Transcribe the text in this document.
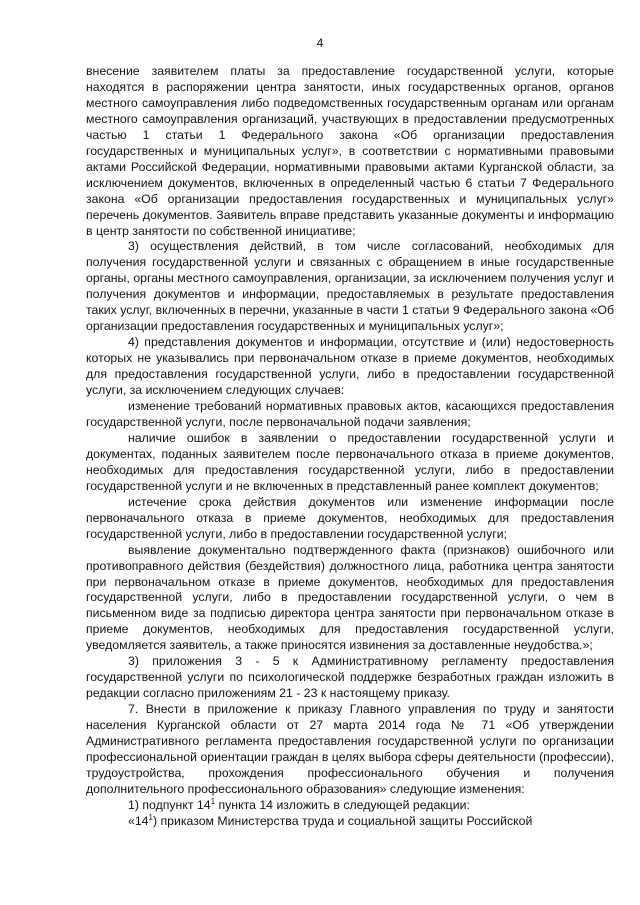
4

внесение заявителем платы за предоставление государственной услуги, которые находятся в распоряжении центра занятости, иных государственных органов, органов местного самоуправления либо подведомственных государственным органам или органам местного самоуправления организаций, участвующих в предоставлении предусмотренных частью 1 статьи 1 Федерального закона «Об организации предоставления государственных и муниципальных услуг», в соответствии с нормативными правовыми актами Российской Федерации, нормативными правовыми актами Курганской области, за исключением документов, включенных в определенный частью 6 статьи 7 Федерального закона «Об организации предоставления государственных и муниципальных услуг» перечень документов. Заявитель вправе представить указанные документы и информацию в центр занятости по собственной инициативе;

3) осуществления действий, в том числе согласований, необходимых для получения государственной услуги и связанных с обращением в иные государственные органы, органы местного самоуправления, организации, за исключением получения услуг и получения документов и информации, предоставляемых в результате предоставления таких услуг, включенных в перечни, указанные в части 1 статьи 9 Федерального закона «Об организации предоставления государственных и муниципальных услуг»;

4) представления документов и информации, отсутствие и (или) недостоверность которых не указывались при первоначальном отказе в приеме документов, необходимых для предоставления государственной услуги, либо в предоставлении государственной услуги, за исключением следующих случаев:

изменение требований нормативных правовых актов, касающихся предоставления государственной услуги, после первоначальной подачи заявления;

наличие ошибок в заявлении о предоставлении государственной услуги и документах, поданных заявителем после первоначального отказа в приеме документов, необходимых для предоставления государственной услуги, либо в предоставлении государственной услуги и не включенных в представленный ранее комплект документов;

истечение срока действия документов или изменение информации после первоначального отказа в приеме документов, необходимых для предоставления государственной услуги, либо в предоставлении государственной услуги;

выявление документально подтвержденного факта (признаков) ошибочного или противоправного действия (бездействия) должностного лица, работника центра занятости при первоначальном отказе в приеме документов, необходимых для предоставления государственной услуги, либо в предоставлении государственной услуги, о чем в письменном виде за подписью директора центра занятости при первоначальном отказе в приеме документов, необходимых для предоставления государственной услуги, уведомляется заявитель, а также приносятся извинения за доставленные неудобства.»;

3) приложения 3 - 5 к Административному регламенту предоставления государственной услуги по психологической поддержке безработных граждан изложить в редакции согласно приложениям 21 - 23 к настоящему приказу.

7. Внести в приложение к приказу Главного управления по труду и занятости населения Курганской области от 27 марта 2014 года № 71 «Об утверждении Административного регламента предоставления государственной услуги по организации профессиональной ориентации граждан в целях выбора сферы деятельности (профессии), трудоустройства, прохождения профессионального обучения и получения дополнительного профессионального образования» следующие изменения:

1) подпункт $14^1$ пункта 14 изложить в следующей редакции:

«$14^1$) приказом Министерства труда и социальной защиты Российской
